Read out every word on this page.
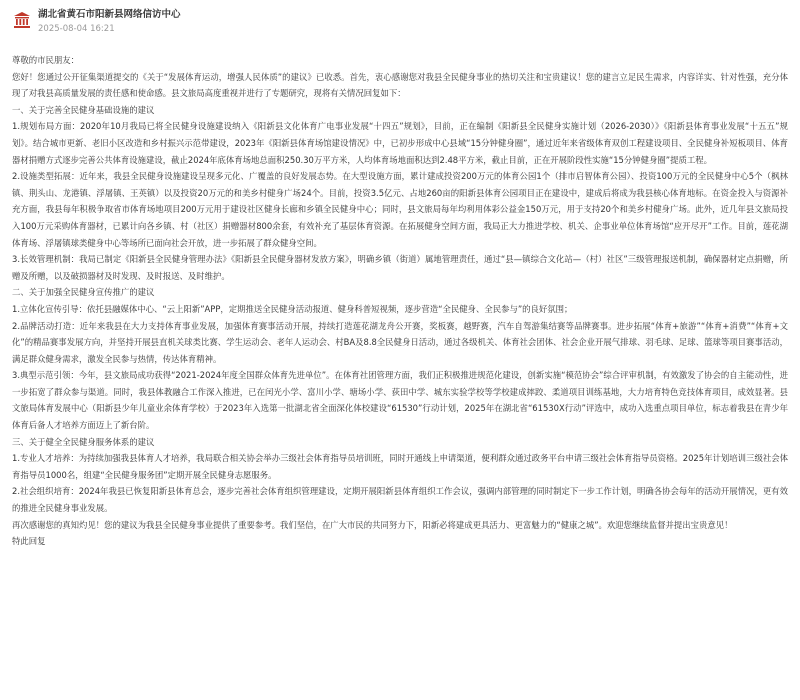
湖北省黄石市阳新县网络信访中心
2025-08-04 16:21

尊敬的市民朋友：

您好！您通过公开征集渠道提交的《关于“发展体育运动，增强人民体质”的建议》已收悉。首先，衷心感谢您对我县全民健身事业的热切关注和宝贵建议！您的建言立足民生需求，内容详实、针对性强，充分体现了对我县高质量发展的责任感和使命感。县文旅局高度重视并进行了专题研究，现将有关情况回复如下：

一、关于完善全民健身基础设施的建议

1.规划布局方面：2020年10月我局已将全民健身设施建设纳入《阳新县文化体育广电事业发展“十四五”规划》，目前，正在编制《阳新县全民健身实施计划（2026-2030）》《阳新县体育事业发展“十五五”规划》。结合城市更新、老旧小区改造和乡村振兴示范带建设，2023年《阳新县体育场馆建设情况》中，已初步形成中心县域“15分钟健身圈”，通过近年来省级体育双创工程建设项目、全民健身补短板项目、体育器材捐赠方式逐步完善公共体育设施建设，截止2024年底体育场地总面积250.30万平方米，人均体育场地面积达到2.48平方米，截止目前，正在开展阶段性实施“15分钟健身圈”提质工程。

2.设施类型拓展：近年来，我县全民健身设施建设呈现多元化、广覆盖的良好发展态势。在大型设施方面，累计建成投资200万元的体育公园1个（排市启智体育公园）、投资100万元的全民健身中心5个（枫林镇、荆头山、龙港镇、浮屠镇、王英镇）以及投资20万元的和美乡村健身广场24个。目前，投资3.5亿元、占地260亩的阳新县体育公园项目正在建设中，建成后将成为我县核心体育地标。在资金投入与资源补充方面，我县每年积极争取省市体育场地项目200万元用于建设社区健身长廊和乡镇全民健身中心；同时，县文旅局每年均利用体彩公益金150万元，用于支持20个和美乡村健身广场。此外，近几年县文旅局投入100万元采购体育器材，已累计向各乡镇、村（社区）捐赠器材800余套，有效补充了基层体育资源。在拓展健身空间方面，我局正大力推进学校、机关、企事业单位体育场馆“应开尽开”工作。目前，莲花湖体育场、浮屠镇球类健身中心等场所已面向社会开放，进一步拓展了群众健身空间。

3.长效管理机制：我局已制定《阳新县全民健身管理办法》《阳新县全民健身器材发放方案》，明确乡镇（街道）属地管理责任，通过“县—镇综合文化站—（村）社区”三级管理报送机制，确保器材定点捐赠，所赠及所赠，以及破损器材及时发现、及时报送、及时维护。

二、关于加强全民健身宣传推广的建议

1.立体化宣传引导：依托县融媒体中心、“云上阳新”APP，定期推送全民健身活动报道、健身科普短视频，逐步营造“全民健身、全民参与”的良好氛围；

2.品牌活动打造：近年来我县在大力支持体育事业发展，加强体育赛事活动开展，持续打造莲花湖龙舟公开赛，奖板赛，越野赛，汽车自驾游集结赛等品牌赛事。进步拓展“体育+旅游”“体育+消费”“体育+文化”的精品赛事发展方向，并坚持开展县直机关球类比赛、学生运动会、老年人运动会、村BA及8.8全民健身日活动，通过各级机关、体育社会团体、社会企业开展气排球、羽毛球、足球、篮球等项目赛事活动，满足群众健身需求，激发全民参与热情，传达体育精神。

3.典型示范引领：今年，县文旅局成功获得“2021-2024年度全国群众体育先进单位”。在体育社团管理方面，我们正积极推进规范化建设，创新实施“模范协会”综合评审机制，有效激发了协会的自主能动性，进一步拓宽了群众参与渠道。同时，我县体教融合工作深入推进，已在闰光小学、富川小学、塘场小学、荻田中学、城东实验学校等学校建成摔跤、柔道项目训练基地，大力培育特色竞技体育项目，成效显著。县文旅局体育发展中心（阳新县少年儿童业余体育学校）于2023年入选第一批湖北省全面深化体校建设“61530”行动计划，2025年在湖北省“61530X行动”评选中，成功入选重点项目单位，标志着我县在青少年体育后备人才培养方面迈上了新台阶。

三、关于健全全民健身服务体系的建议

1.专业人才培养：为持续加强我县体育人才培养，我局联合相关协会举办三级社会体育指导员培训班，同时开通线上申请渠道，便利群众通过政务平台申请三级社会体育指导员资格。2025年计划培训三级社会体育指导员1000名，组建“全民健身服务团”定期开展全民健身志愿服务。

2.社会组织培育：2024年我县已恢复阳新县体育总会，逐步完善社会体育组织管理建设，定期开展阳新县体育组织工作会议，强调内部管理的同时制定下一步工作计划，明确各协会每年的活动开展情况，更有效的推进全民健身事业发展。

再次感谢您的真知灼见！您的建议为我县全民健身事业提供了重要参考。我们坚信，在广大市民的共同努力下，阳新必将建成更具活力、更富魅力的“健康之城”。欢迎您继续监督并提出宝贵意见！

特此回复
